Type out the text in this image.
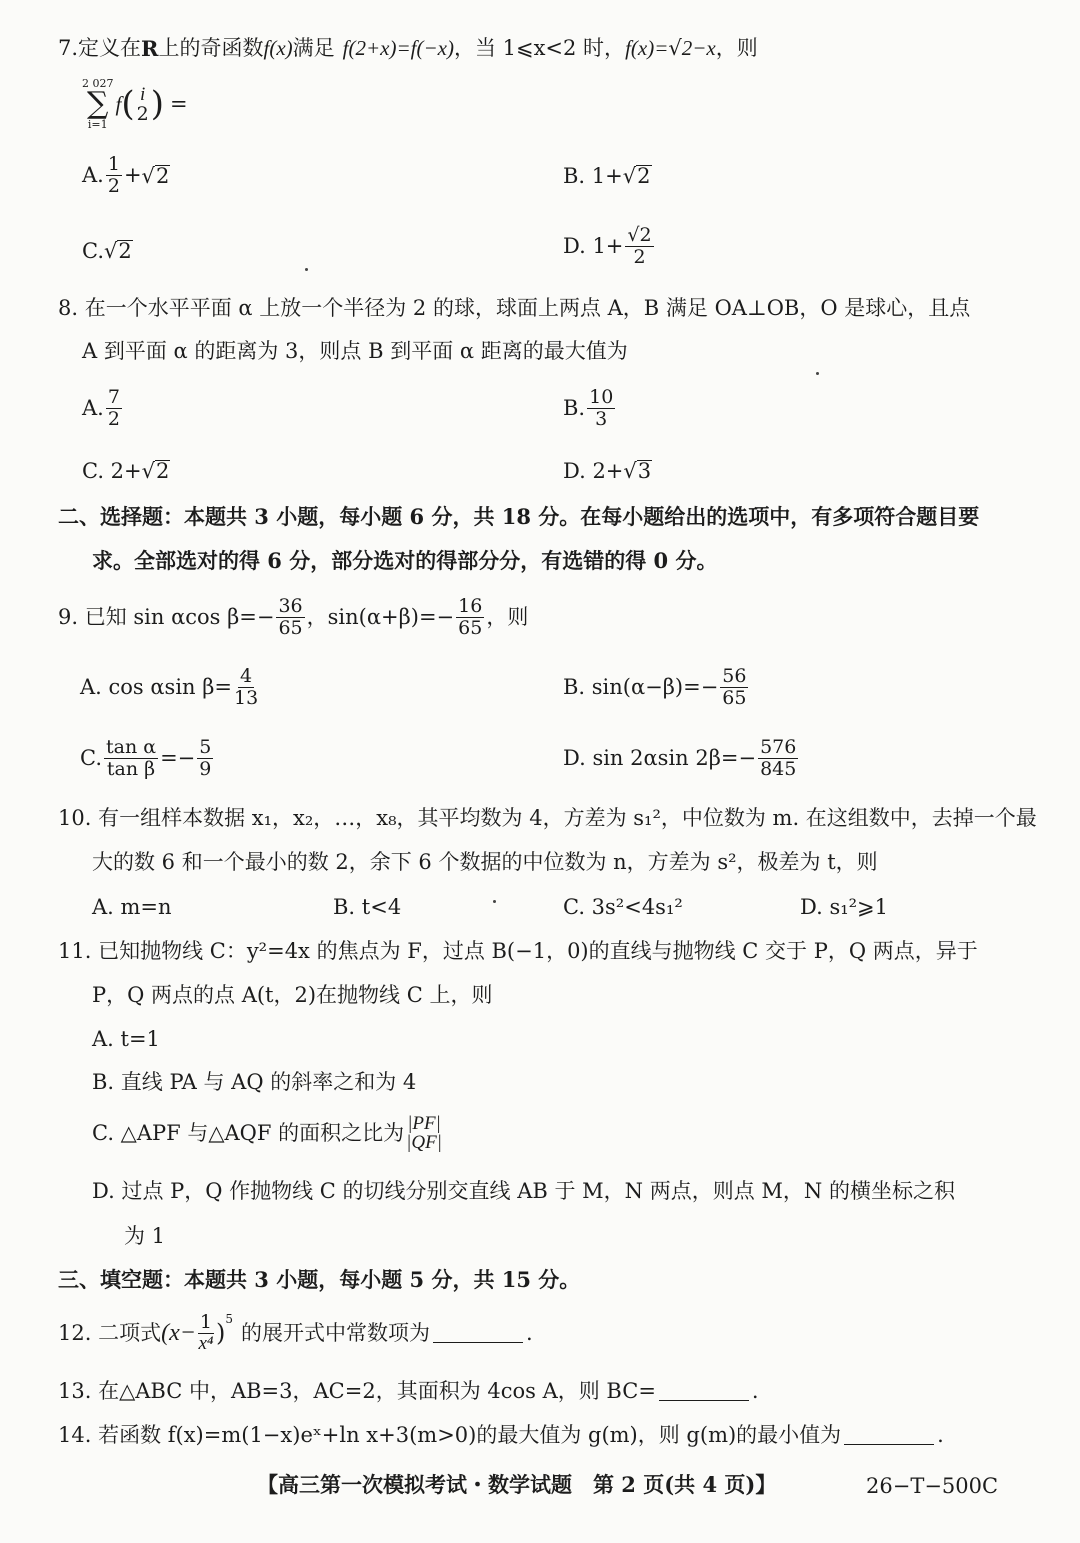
7. 定义在 R 上的奇函数 f(x) 满足 f(2+x)=f(−x) ，当 1⩽x<2 时， f(x)= √ 2−x ，则
2 027
∑
i=1
f ( i
2 ) =
A. $\frac{1}{2}$ + √ 2	B. 1+ √ 2
C. √ 2	D. $1+ \frac{√2}{2}$
8. 在一个水平平面 α 上放一个半径为 2 的球，球面上两点 A，B 满足 OA⊥OB，O 是球心，且点
A 到平面 α 的距离为 3，则点 B 到平面 α 距离的最大值为
A. $\frac{7}{2}$	B. $\frac{10}{3}$
C. 2+ √ 2	D. 2+ √ 3
二、选择题：本题共 3 小题，每小题 6 分，共 18 分。在每小题给出的选项中，有多项符合题目要
求。全部选对的得 6 分，部分选对的得部分分，有选错的得 0 分。
9. 已知 sin αcos $\beta=- \frac{36}{65}$ ，$\sin(\alpha+\beta)=- \frac{16}{65}$ ，则
A. cos αsin $\beta= \frac{4}{13}$	B. $\sin(\alpha-\beta)=- \frac{56}{65}$
C. $\frac{\text{tan α}}{\text{tan β}} =- \frac{5}{9}$	D. sin 2αsin $2\beta=- \frac{576}{845}$
10. 有一组样本数据 x₁，x₂，…，x₈，其平均数为 4，方差为 s₁²，中位数为 m. 在这组数中，去掉一个最
大的数 6 和一个最小的数 2，余下 6 个数据的中位数为 n，方差为 s²，极差为 t，则
A. m=n	B. t<4	C. 3s²<4s₁²	D. s₁²⩾1
11. 已知抛物线 C：y²=4x 的焦点为 F，过点 B(−1，0)的直线与抛物线 C 交于 P，Q 两点，异于
P，Q 两点的点 A(t，2)在抛物线 C 上，则
A. t=1
B. 直线 PA 与 AQ 的斜率之和为 4
C. △APF 与△AQF 的面积之比为 |PF|
|QF|
D. 过点 P，Q 作抛物线 C 的切线分别交直线 AB 于 M，N 两点，则点 M，N 的横坐标之积
为 1
三、填空题：本题共 3 小题，每小题 5 分，共 15 分。
12. 二项式 $(x- \frac{1}{\text{x⁴}} )^5$
的展开式中常数项为	.
13. 在△ABC 中，AB=3，AC=2，其面积为 4cos A，则 BC=	.
14. 若函数 f(x)=m(1−x)eˣ+ln x+3(m>0)的最大值为 g(m)，则 g(m)的最小值为	.
【高三第一次模拟考试・数学试题　第 2 页(共 4 页)】	26−T−500C
